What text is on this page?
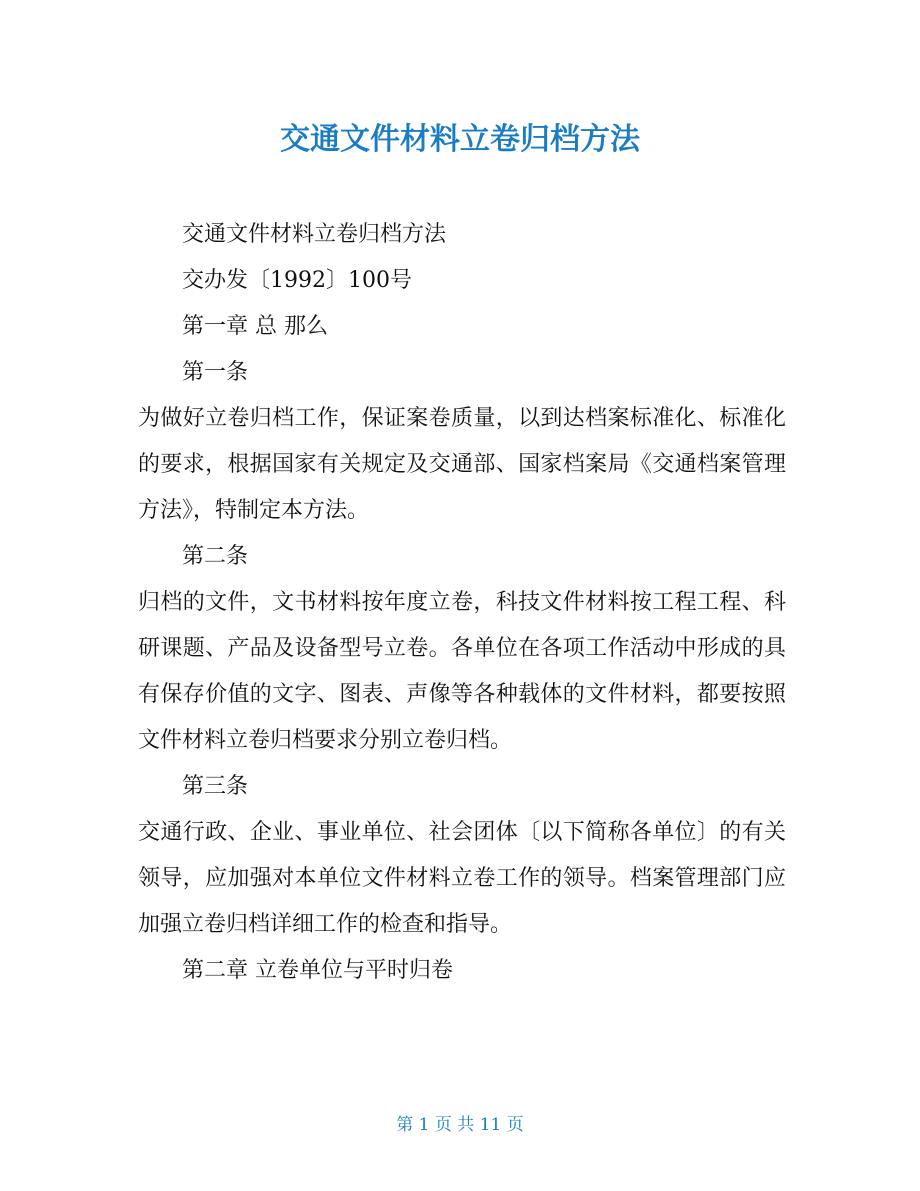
交通文件材料立卷归档方法

交通文件材料立卷归档方法

交办发〔1992〕100号

第一章 总 那么

第一条

为做好立卷归档工作，保证案卷质量，以到达档案标准化、标准化的要求，根据国家有关规定及交通部、国家档案局《交通档案管理方法》，特制定本方法。

第二条

归档的文件，文书材料按年度立卷，科技文件材料按工程工程、科研课题、产品及设备型号立卷。各单位在各项工作活动中形成的具有保存价值的文字、图表、声像等各种载体的文件材料，都要按照文件材料立卷归档要求分别立卷归档。

第三条

交通行政、企业、事业单位、社会团体〔以下简称各单位〕的有关领导，应加强对本单位文件材料立卷工作的领导。档案管理部门应加强立卷归档详细工作的检查和指导。

第二章 立卷单位与平时归卷

第 1 页 共 11 页
